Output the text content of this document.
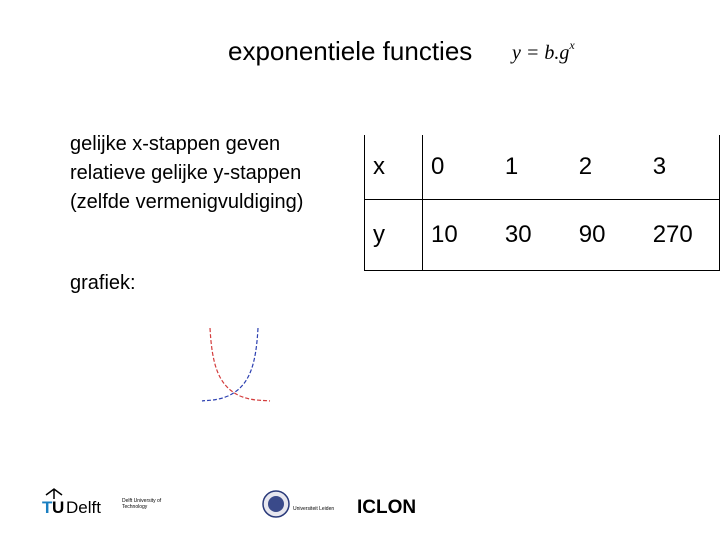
exponentiele functies $y = b.g^x$
gelijke x-stappen geven
relatieve gelijke y-stappen
(zelfde vermenigvuldiging)
grafiek:
x	0	1	2	3
y	10	30	90	270
T U Delft	Delft University of Technology	Universiteit Leiden ICLON
